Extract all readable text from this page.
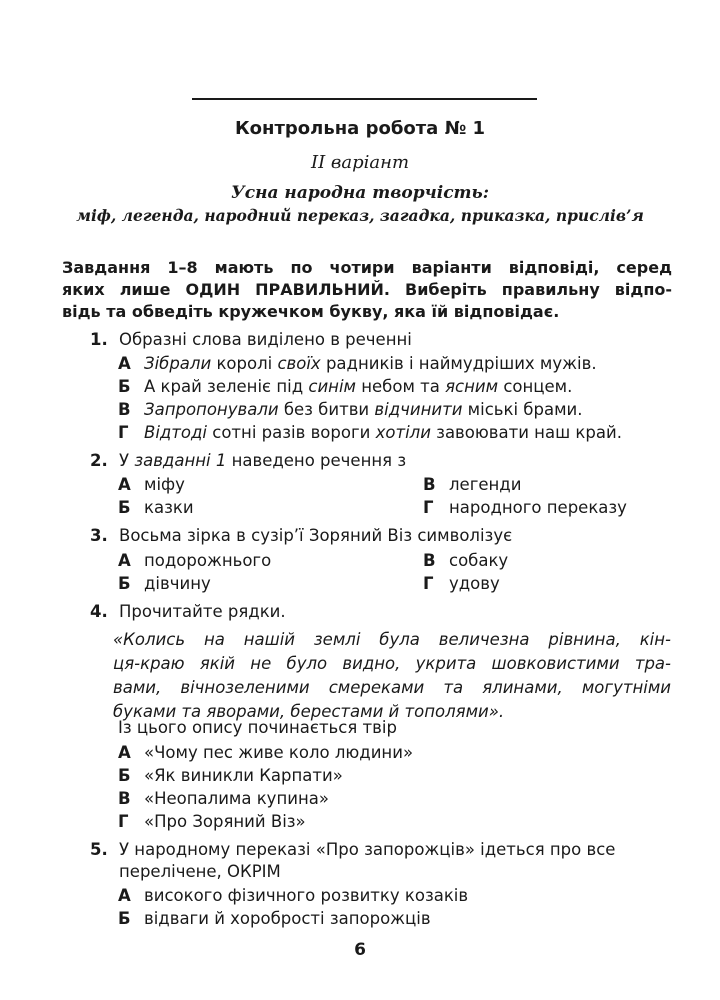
Контрольна робота № 1
ІІ варіант
Усна народна творчість:
міф, легенда, народний переказ, загадка, приказка, прислів’я
Завдання 1–8 мають по чотири варіанти відповіді, серед
яких лише ОДИН ПРАВИЛЬНИЙ. Виберіть правильну відпо-
відь та обведіть кружечком букву, яка їй відповідає.
1. Образні слова виділено в реченні
А Зібрали королі своїх радників і наймудріших мужів.
Б А край зеленіє під синім небом та ясним сонцем.
В Запропонували без битви відчинити міські брами.
Г Відтоді сотні разів вороги хотіли завоювати наш край.
2. У завданні 1 наведено речення з
А міфу
Б казки
В легенди
Г народного переказу
3. Восьма зірка в сузір’ї Зоряний Віз символізує
А подорожнього
Б дівчину
В собаку
Г удову
4. Прочитайте рядки.
«Колись на нашій землі була величезна рівнина, кін-
ця-краю якій не було видно, укрита шовковистими тра-
вами, вічнозеленими смереками та ялинами, могутніми
буками та яворами, берестами й тополями».
Із цього опису починається твір
А «Чому пес живе коло людини»
Б «Як виникли Карпати»
В «Неопалима купина»
Г «Про Зоряний Віз»
5. У народному переказі «Про запорожців» ідеться про все
перелічене, ОКРІМ
А високого фізичного розвитку козаків
Б відваги й хоробрості запорожців
6
